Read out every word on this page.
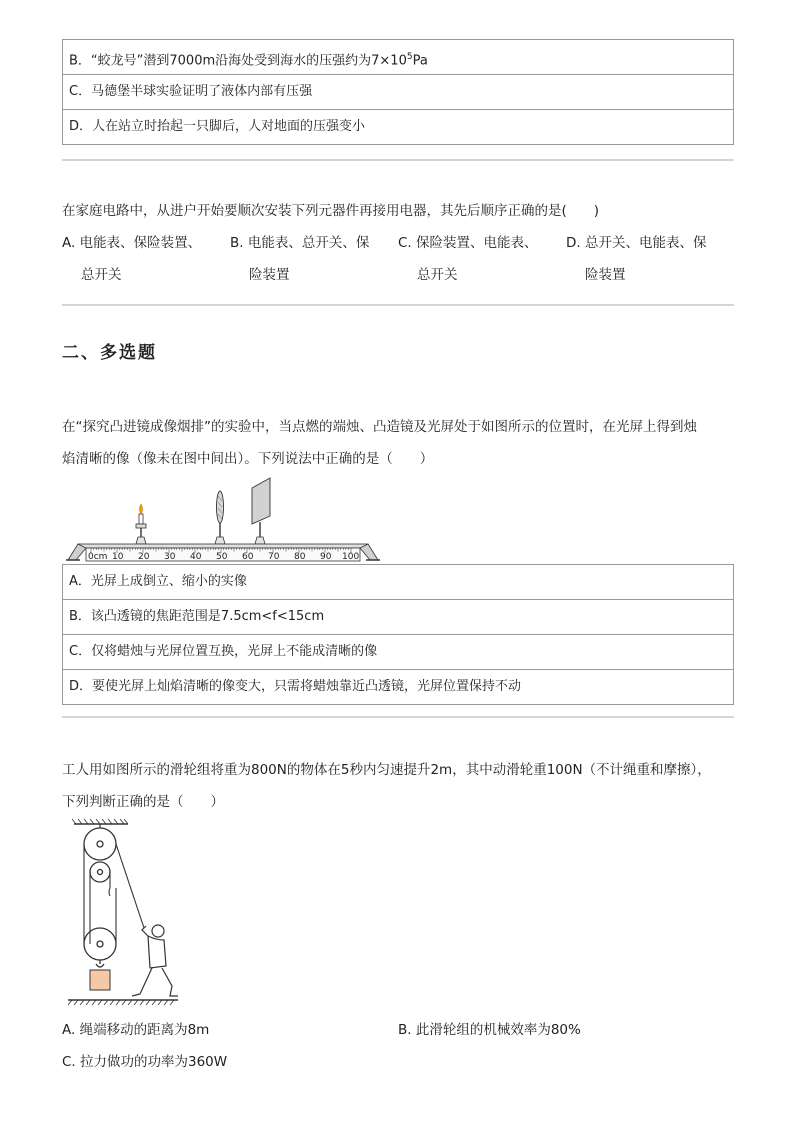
B．“蛟龙号”潜到7000m沿海处受到海水的压强约为$7\times 10^5Pa$
C．马德堡半球实验证明了液体内部有压强
D．人在站立时抬起一只脚后，人对地面的压强变小
在家庭电路中，从进户开始要顺次安装下列元器件再接用电器，其先后顺序正确的是(　　)
A. 电能表、保险装置、
总开关
B. 电能表、总开关、保
险装置
C. 保险装置、电能表、
总开关
D. 总开关、电能表、保
险装置
二、多选题
在“探究凸进镜成像烟排”的实验中，当点燃的端烛、凸造镜及光屏处于如图所示的位置时，在光屏上得到烛
焰清晰的像（像未在图中间出）。下列说法中正确的是（　　）
0cm 10 20 30 40 50 60 70 80 90 100
A．光屏上成倒立、缩小的实像
B．该凸透镜的焦距范围是7.5cm<f<15cm
C．仅将蜡烛与光屏位置互换，光屏上不能成清晰的像
D．要使光屏上灿焰清晰的像变大，只需将蜡烛靠近凸透镜，光屏位置保持不动
工人用如图所示的滑轮组将重为800N的物体在5秒内匀速提升2m，其中动滑轮重100N（不计绳重和摩擦），
下列判断正确的是（　　）
A. 绳端移动的距离为8m	B. 此滑轮组的机械效率为80%
C. 拉力做功的功率为360W
